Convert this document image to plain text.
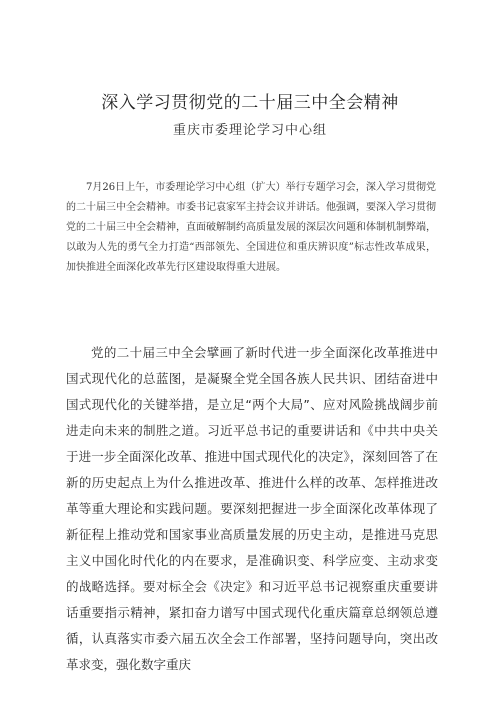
深入学习贯彻党的二十届三中全会精神
重庆市委理论学习中心组

7月26日上午，市委理论学习中心组（扩大）举行专题学习会，深入学习贯彻党的二十届三中全会精神。市委书记袁家军主持会议并讲话。他强调，要深入学习贯彻党的二十届三中全会精神，直面破解制约高质量发展的深层次问题和体制机制弊端，以敢为人先的勇气全力打造“西部领先、全国进位和重庆辨识度”标志性改革成果，加快推进全面深化改革先行区建设取得重大进展。

党的二十届三中全会擘画了新时代进一步全面深化改革推进中国式现代化的总蓝图，是凝聚全党全国各族人民共识、团结奋进中国式现代化的关键举措，是立足“两个大局”、应对风险挑战阔步前进走向未来的制胜之道。习近平总书记的重要讲话和《中共中央关于进一步全面深化改革、推进中国式现代化的决定》，深刻回答了在新的历史起点上为什么推进改革、推进什么样的改革、怎样推进改革等重大理论和实践问题。要深刻把握进一步全面深化改革体现了新征程上推动党和国家事业高质量发展的历史主动，是推进马克思主义中国化时代化的内在要求，是准确识变、科学应变、主动求变的战略选择。要对标全会《决定》和习近平总书记视察重庆重要讲话重要指示精神，紧扣奋力谱写中国式现代化重庆篇章总纲领总遵循，认真落实市委六届五次全会工作部署，坚持问题导向，突出改革求变，强化数字重庆
